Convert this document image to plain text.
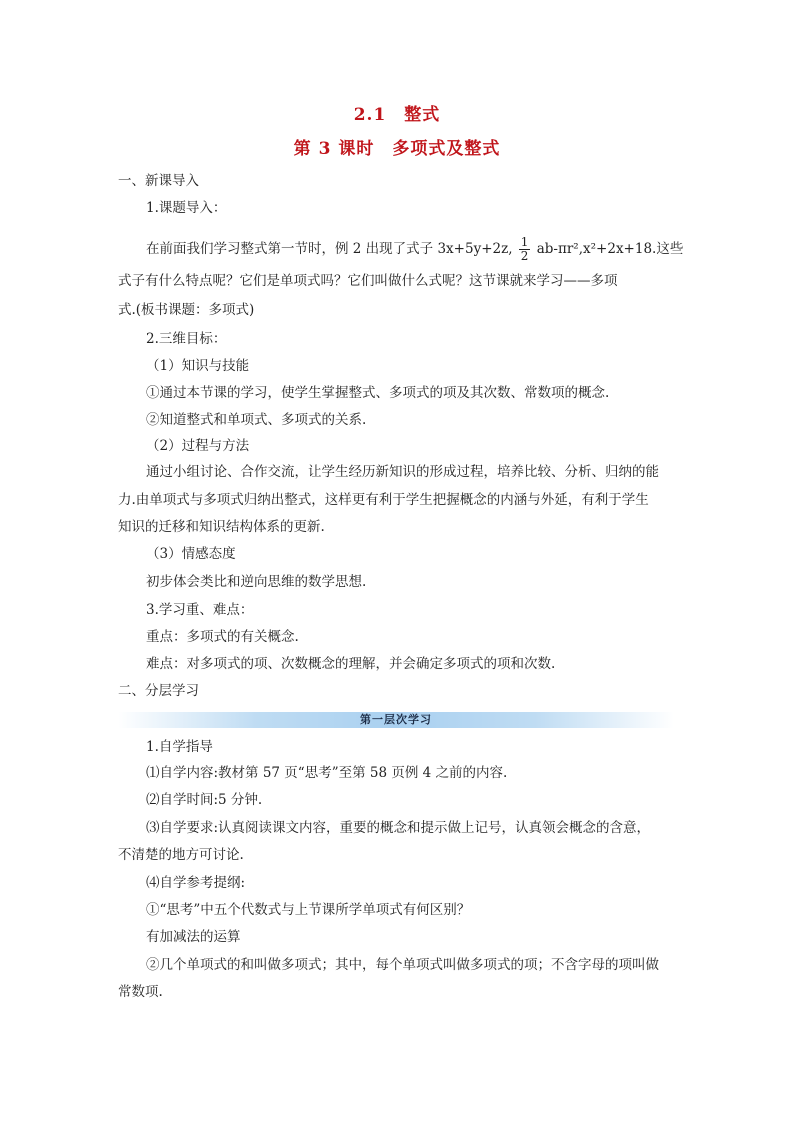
2.1　整式
第 3 课时　多项式及整式
一、新课导入
1.课题导入：
在前面我们学习整式第一节时，例 2 出现了式子 3x+5y+2z, $\frac{1}{2} ab-\pi r^2,x^2+2x+18$.这些
式子有什么特点呢？它们是单项式吗？它们叫做什么式呢？这节课就来学习——多项
式.(板书课题：多项式)
2.三维目标：
（1）知识与技能
①通过本节课的学习，使学生掌握整式、多项式的项及其次数、常数项的概念.
②知道整式和单项式、多项式的关系.
（2）过程与方法
通过小组讨论、合作交流，让学生经历新知识的形成过程，培养比较、分析、归纳的能
力.由单项式与多项式归纳出整式，这样更有利于学生把握概念的内涵与外延，有利于学生
知识的迁移和知识结构体系的更新.
（3）情感态度
初步体会类比和逆向思维的数学思想.
3.学习重、难点：
重点：多项式的有关概念.
难点：对多项式的项、次数概念的理解，并会确定多项式的项和次数.
二、分层学习
第一层次学习
1.自学指导
⑴自学内容:教材第 57 页“思考”至第 58 页例 4 之前的内容.
⑵自学时间:5 分钟.
⑶自学要求:认真阅读课文内容，重要的概念和提示做上记号，认真领会概念的含意，
不清楚的地方可讨论.
⑷自学参考提纲:
①“思考”中五个代数式与上节课所学单项式有何区别？
有加减法的运算
②几个单项式的和叫做多项式；其中，每个单项式叫做多项式的项；不含字母的项叫做
常数项.
